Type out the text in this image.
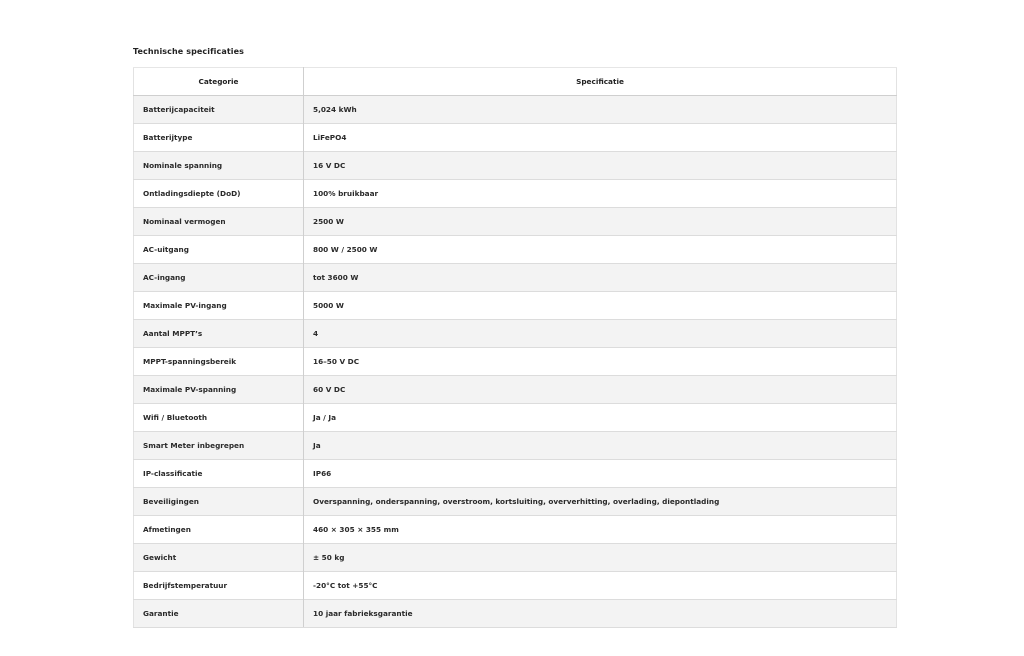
Technische specificaties
Categorie	Specificatie
Batterijcapaciteit	5,024 kWh
Batterijtype	LiFePO4
Nominale spanning	16 V DC
Ontladingsdiepte (DoD)	100% bruikbaar
Nominaal vermogen	2500 W
AC-uitgang	800 W / 2500 W
AC-ingang	tot 3600 W
Maximale PV-ingang	5000 W
Aantal MPPT’s	4
MPPT-spanningsbereik	16–50 V DC
Maximale PV-spanning	60 V DC
Wifi / Bluetooth	Ja / Ja
Smart Meter inbegrepen	Ja
IP-classificatie	IP66
Beveiligingen	Overspanning, onderspanning, overstroom, kortsluiting, oververhitting, overlading, diepontlading
Afmetingen	460 × 305 × 355 mm
Gewicht	± 50 kg
Bedrijfstemperatuur	-20°C tot +55°C
Garantie	10 jaar fabrieksgarantie
